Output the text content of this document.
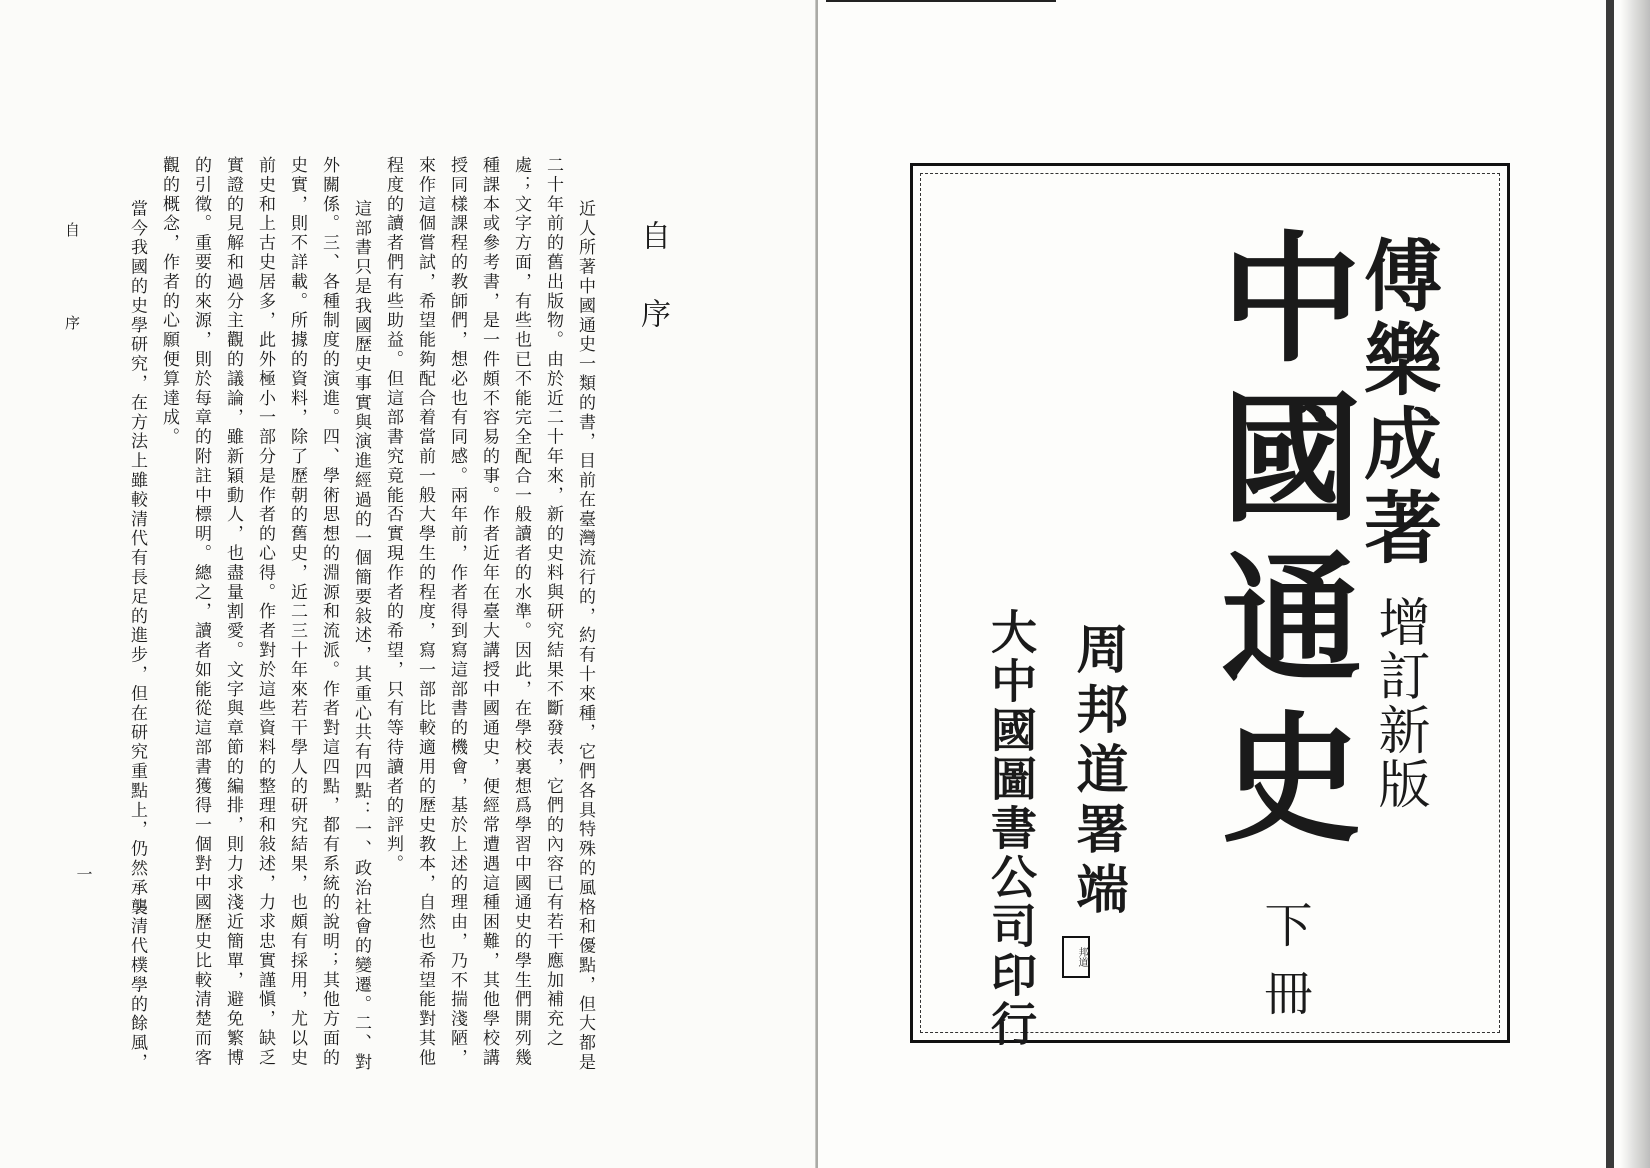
自序
　近人所著中國通史一類的書，目前在臺灣流行的，約有十來種，它們各具特殊的風格和優點，但大都是
二十年前的舊出版物。由於近二十年來，新的史料與研究結果不斷發表，它們的內容已有若干應加補充之
處；文字方面，有些也已不能完全配合一般讀者的水準。因此，在學校裏想爲學習中國通史的學生們開列幾
種課本或參考書，是一件頗不容易的事。作者近年在臺大講授中國通史，便經常遭遇這種困難，其他學校講
授同樣課程的教師們，想必也有同感。兩年前，作者得到寫這部書的機會，基於上述的理由，乃不揣淺陋，
來作這個嘗試，希望能夠配合着當前一般大學生的程度，寫一部比較適用的歷史教本，自然也希望能對其他
程度的讀者們有些助益。但這部書究竟能否實現作者的希望，只有等待讀者的評判。
　這部書只是我國歷史事實與演進經過的一個簡要敍述，其重心共有四點：一、政治社會的變遷。二、對
外關係。三、各種制度的演進。四、學術思想的淵源和流派。作者對這四點，都有系統的說明；其他方面的
史實，則不詳載。所據的資料，除了歷朝的舊史，近二三十年來若干學人的研究結果，也頗有採用，尤以史
前史和上古史居多，此外極小一部分是作者的心得。作者對於這些資料的整理和敍述，力求忠實謹愼，缺乏
實證的見解和過分主觀的議論，雖新穎動人，也盡量割愛。文字與章節的編排，則力求淺近簡單，避免繁博
的引徵。重要的來源，則於每章的附註中標明。總之，讀者如能從這部書獲得一個對中國歷史比較清楚而客
觀的概念，作者的心願便算達成。
　當今我國的史學研究，在方法上雖較清代有長足的進步，但在研究重點上，仍然承襲清代樸學的餘風，
自序
一
傅樂成著
增訂新版
中國通史
下冊
周邦道署端
邦道
大中國圖書公司印行
